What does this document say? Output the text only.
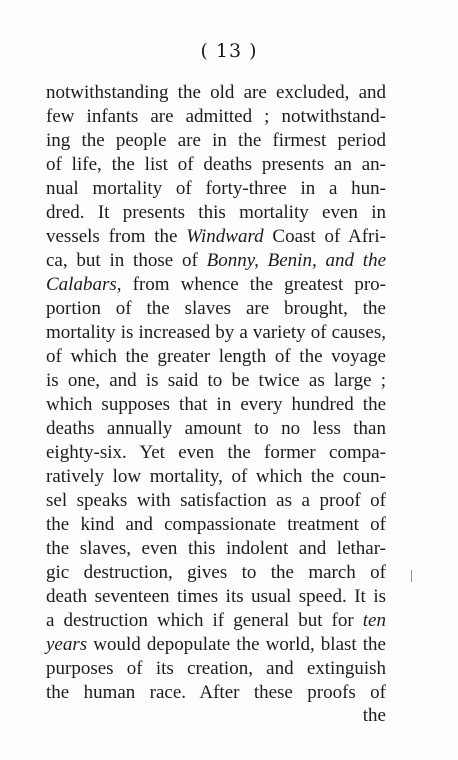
( 13 )
notwithstanding the old are excluded, and
few infants are admitted ; notwithstand-
ing the people are in the firmest period
of life, the list of deaths presents an an-
nual mortality of forty-three in a hun-
dred. It presents this mortality even in
vessels from the Windward Coast of Afri-
ca, but in those of Bonny, Benin, and the
Calabars, from whence the greatest pro-
portion of the slaves are brought, the
mortality is increased by a variety of causes,
of which the greater length of the voyage
is one, and is said to be twice as large ;
which supposes that in every hundred the
deaths annually amount to no less than
eighty-six. Yet even the former compa-
ratively low mortality, of which the coun-
sel speaks with satisfaction as a proof of
the kind and compassionate treatment of
the slaves, even this indolent and lethar-
gic destruction, gives to the march of
death seventeen times its usual speed. It is
a destruction which if general but for ten
years would depopulate the world, blast the
purposes of its creation, and extinguish
the human race. After these proofs of
the
